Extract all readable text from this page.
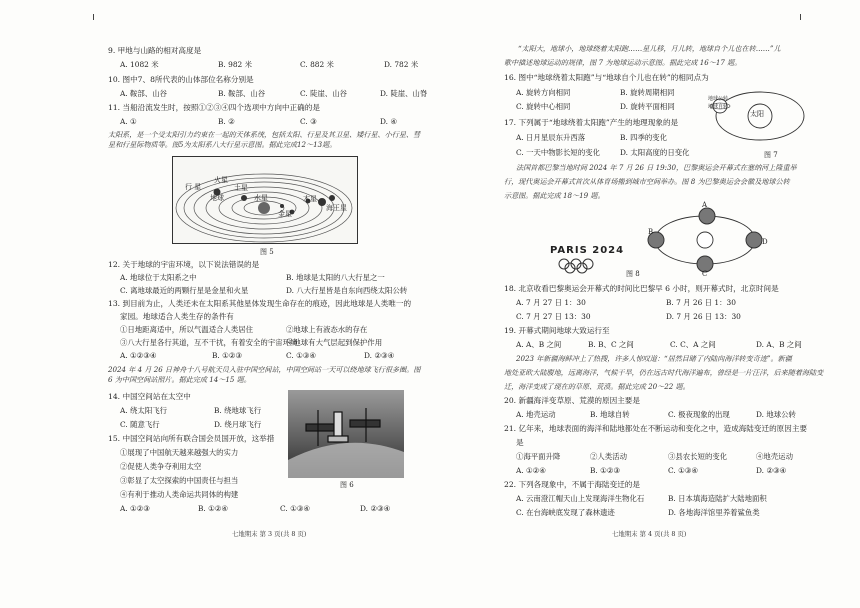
9. 甲地与山路的相对高度是
A. 1082 米	B. 982 米	C. 882 米	D. 782 米
10. 图中7、8所代表的山体部位名称分别是
A. 鞍部、山谷	B. 鞍部、山谷	C. 陡崖、山谷	D. 陡崖、山脊
11. 当船沿流发生时，按照①②③④四个选项中方向中正确的是
A. ①	B. ②	C. ③	D. ④
太阳系，是一个受太阳引力约束在一起的天体系统，包括太阳、行星及其卫星、矮行星、小行星、彗星和行星际物质等。图5为太阳系八大行星示意图。据此完成12～13题。
行 星
火星
土星
地球	水星
金星
木星
海王星
图 5
12. 关于地球的宇宙环境，以下说法错误的是
A. 地球位于太阳系之中	B. 地球是太阳的八大行星之一
C. 离地球最近的两颗行星是金星和火星	D. 八大行星皆是自东向西绕太阳公转
13. 到目前为止，人类还未在太阳系其他星体发现生命存在的痕迹，因此地球是人类唯一的
家园。地球适合人类生存的条件有
①日地距离适中，所以气温适合人类居住	②地球上有液态水的存在
③八大行星各行其道，互不干扰，有着安全的宇宙环境
④地球有大气层起到保护作用
A. ①②③④	B. ①②③	C. ①③④	D. ②③④
2024 年 4 月 26 日神舟十八号航天员入驻中国空间站，中国空间站一天可以绕地球飞行很多圈。图 6 为中国空间站照片。据此完成 14～15 题。
14. 中国空间站在太空中
A. 绕太阳飞行	B. 绕地球飞行
C. 随意飞行	D. 绕月球飞行
图 6
15. 中国空间站向所有联合国会员国开放，这举措
①展现了中国航天越来越强大的实力
②促使人类争夺利用太空
③彰显了太空探索的中国责任与担当
④有利于推动人类命运共同体的构建
A. ①②③	B. ①②④	C. ①③④	D. ②③④
七地期末 第 3 页(共 8 页)
“太阳大，地球小，地球绕着太阳跑……星儿移，月儿转，地球自个儿也在转……”儿
歌中描述地球运动的规律，图 7 为地球运动示意图。据此完成 16～17 题。
16. 图中“地球绕着太阳跑”与“地球自个儿也在转”的相同点为
A. 旋转方向相同	B. 旋转周期相同
C. 旋转中心相同	D. 旋转平面相同
太阳
地球公转
地球自转
图 7
17. 下列属于“地球绕着太阳跑”产生的地理现象的是
A. 日月星辰东升西落	B. 四季的变化
C. 一天中物影长短的变化	D. 太阳高度的日变化
法国首都巴黎当地时间 2024 年 7 月 26 日 19:30，巴黎奥运会开幕式在塞纳河上隆重举
行，现代奥运会开幕式首次从体育场搬到城市空间举办。图 8 为巴黎奥运会会徽及地球公转
示意图。据此完成 18～19 题。
PARIS 2024
A
B
C
D
图 8
18. 北京收看巴黎奥运会开幕式的时间比巴黎早 6 小时，则开幕式时，北京时间是
A. 7 月 27 日 1：30	B. 7 月 26 日 1：30
C. 7 月 27 日 13：30	D. 7 月 26 日 13：30
19. 开幕式期间地球大致运行至
A. A、B 之间	B. B、C 之间	C. C、A 之间	D. A、B 之间
2023 年新疆海鲜冲上了热搜，许多人惊叹道：“居然目睹了内陆向海洋转变奇迹”。新疆
地处亚欧大陆腹地，远离海洋，气候干旱，仍在远古时代海洋遍布，曾经是一片汪洋，后来随着海陆变
迁，海洋变成了现在的草原、荒漠。据此完成 20～22 题。
20. 新疆海洋变草原、荒漠的原因主要是
A. 地壳运动	B. 地球自转	C. 极夜现象的出现	D. 地球公转
21. 亿年来，地球表面的海洋和陆地都处在不断运动和变化之中，造成海陆变迁的原因主要
是
①海平面升降	②人类活动	③县农长短的变化	④地壳运动
A. ①②④	B. ①②③	C. ①③④	D. ②③④
22. 下列各现象中，不属于海陆变迁的是
A. 云南澄江帽天山上发现海洋生物化石	B. 日本填海造陆扩大陆地面积
C. 在台海峡底发现了森林遗迹	D. 各地海洋馆里养着鲨鱼类
七地期末 第 4 页(共 8 页)
